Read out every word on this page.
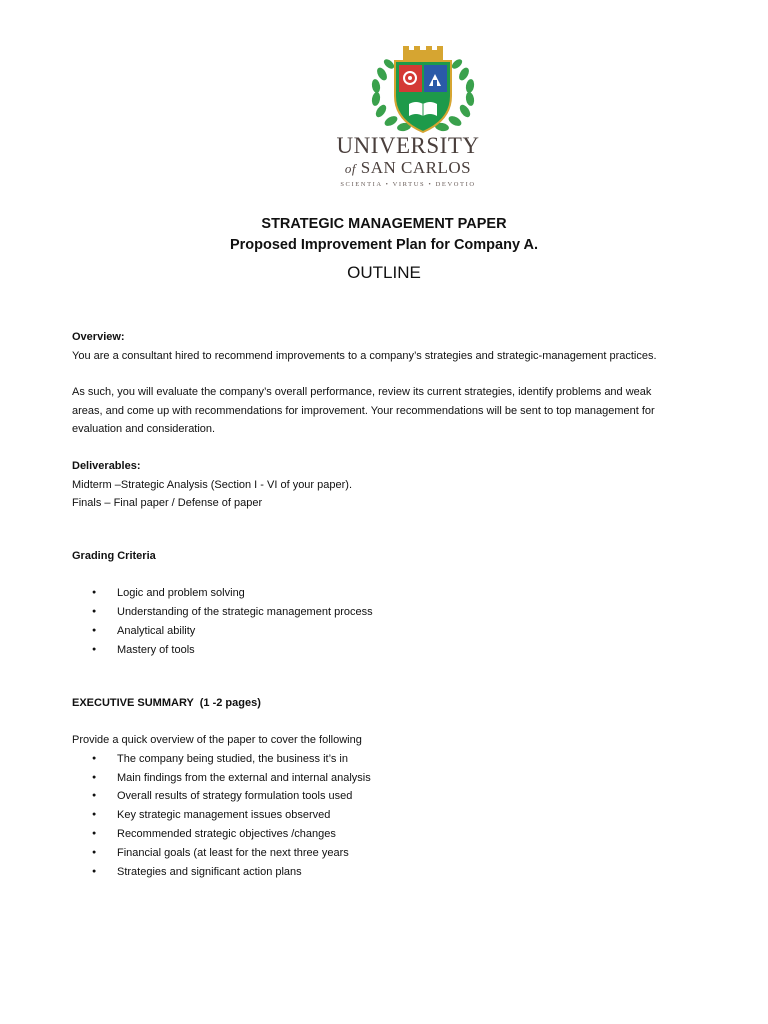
UNIVERSITY
of SAN CARLOS
SCIENTIA • VIRTUS • DEVOTIO
STRATEGIC MANAGEMENT PAPER
Proposed Improvement Plan for Company A.
OUTLINE

Overview:

You are a consultant hired to recommend improvements to a company’s strategies and strategic-management practices.

As such, you will evaluate the company’s overall performance, review its current strategies, identify problems and weak

areas, and come up with recommendations for improvement. Your recommendations will be sent to top management for

evaluation and consideration.

Deliverables:

Midterm –Strategic Analysis (Section I - VI of your paper).

Finals – Final paper / Defense of paper

Grading Criteria

● Logic and problem solving
● Understanding of the strategic management process
● Analytical ability
● Mastery of tools

EXECUTIVE SUMMARY  (1 -2 pages)

Provide a quick overview of the paper to cover the following

● The company being studied, the business it’s in
● Main findings from the external and internal analysis
● Overall results of strategy formulation tools used
● Key strategic management issues observed
● Recommended strategic objectives /changes
● Financial goals (at least for the next three years
● Strategies and significant action plans
